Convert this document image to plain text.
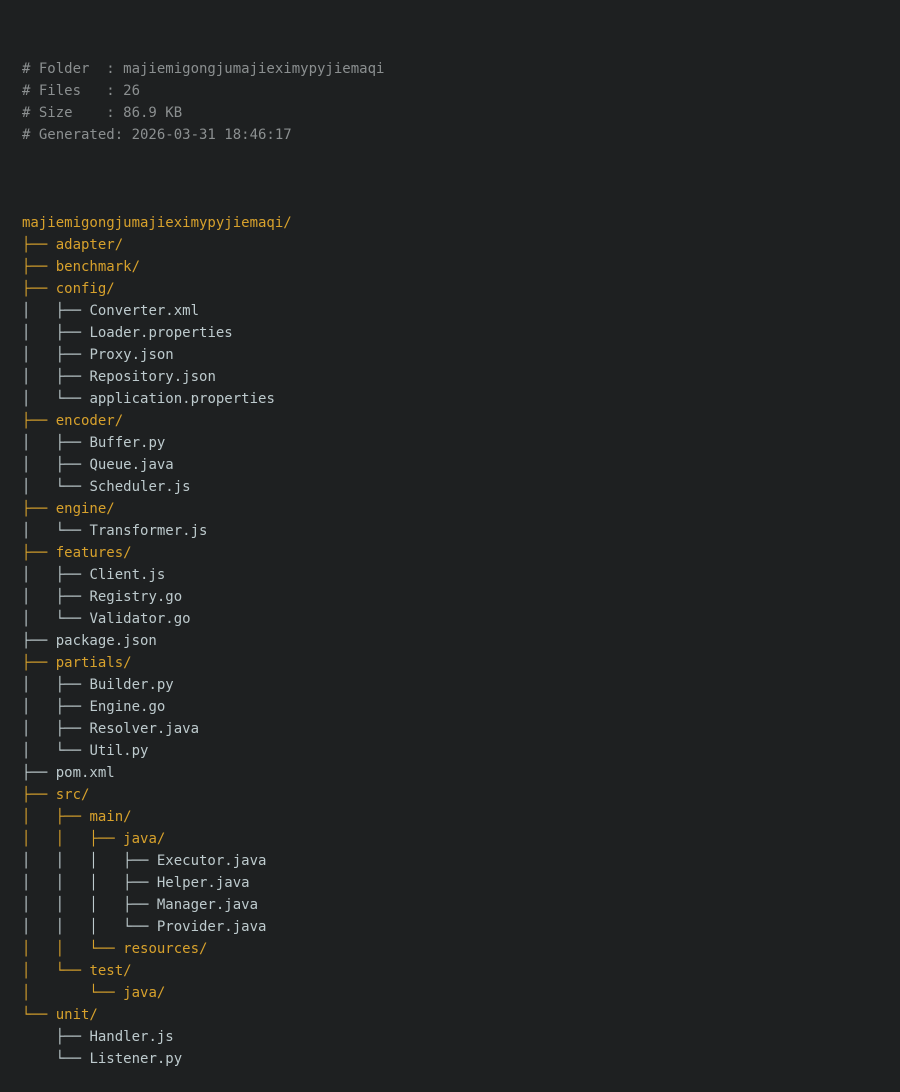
# Folder  : majiemigongjumajieximypyjiemaqi
# Files   : 26
# Size    : 86.9 KB
# Generated: 2026-03-31 18:46:17

majiemigongjumajieximypyjiemaqi/
├── adapter/
├── benchmark/
├── config/
│   ├── Converter.xml
│   ├── Loader.properties
│   ├── Proxy.json
│   ├── Repository.json
│   └── application.properties
├── encoder/
│   ├── Buffer.py
│   ├── Queue.java
│   └── Scheduler.js
├── engine/
│   └── Transformer.js
├── features/
│   ├── Client.js
│   ├── Registry.go
│   └── Validator.go
├── package.json
├── partials/
│   ├── Builder.py
│   ├── Engine.go
│   ├── Resolver.java
│   └── Util.py
├── pom.xml
├── src/
│   ├── main/
│   │   ├── java/
│   │   │   ├── Executor.java
│   │   │   ├── Helper.java
│   │   │   ├── Manager.java
│   │   │   └── Provider.java
│   │   └── resources/
│   └── test/
│       └── java/
└── unit/
├── Handler.js
└── Listener.py
